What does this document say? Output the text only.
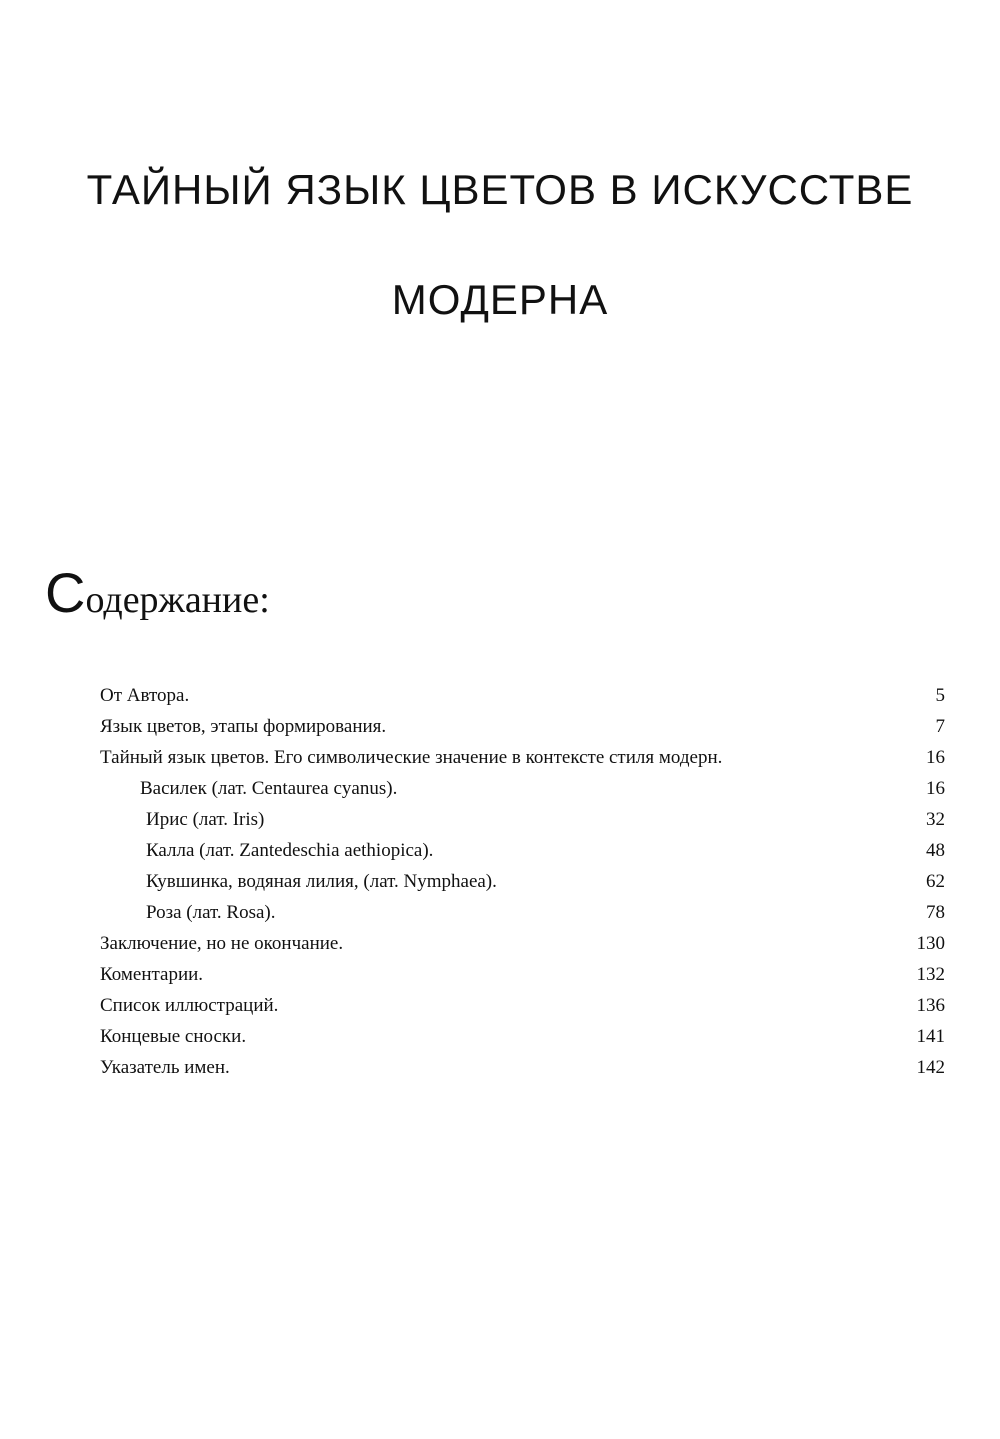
ТАЙНЫЙ ЯЗЫК ЦВЕТОВ В ИСКУССТВЕ
МОДЕРНА
Содержание:
От Автора.	5
Язык цветов, этапы формирования.	7
Тайный язык цветов. Его символические значение в контексте стиля модерн.	16
Василек (лат. Centaurea cyanus).	16
Ирис (лат. Iris)	32
Калла (лат. Zantedeschia aethiopica).	48
Кувшинка, водяная лилия, (лат. Nymphaea).	62
Роза (лат. Rosa).	78
Заключение, но не окончание.	130
Коментарии.	132
Список иллюстраций.	136
Концевые сноски.	141
Указатель имен.	142
